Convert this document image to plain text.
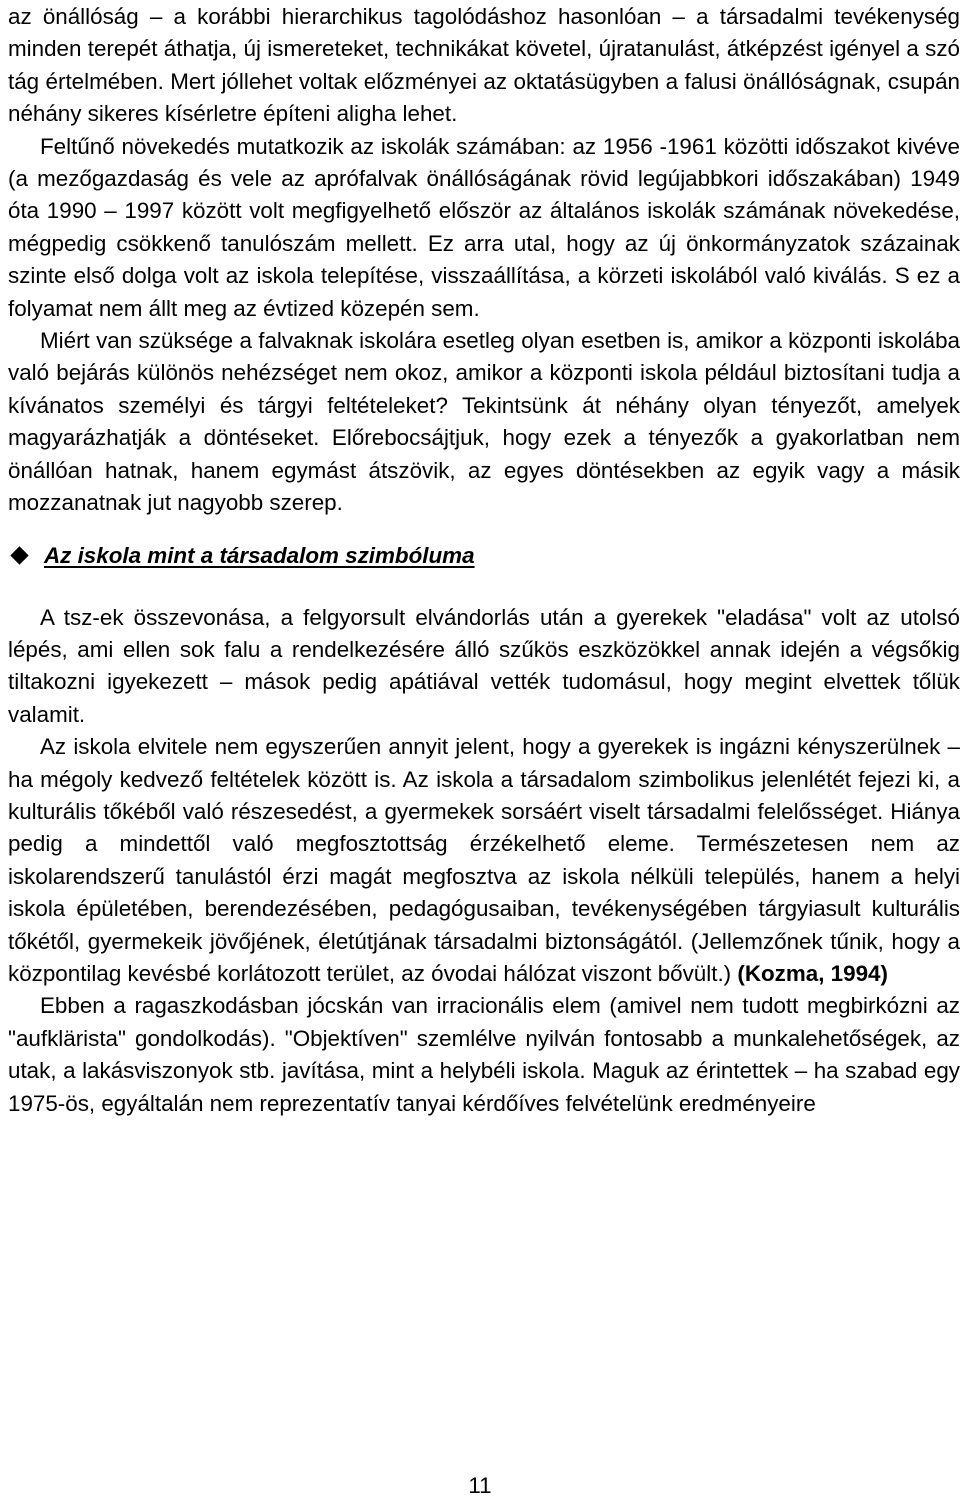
az önállóság – a korábbi hierarchikus tagolódáshoz hasonlóan – a társadalmi tevékenység minden terepét áthatja, új ismereteket, technikákat követel, újratanulást, átképzést igényel a szó tág értelmében. Mert jóllehet voltak előzményei az oktatásügyben a falusi önállóságnak, csupán néhány sikeres kísérletre építeni aligha lehet.

Feltűnő növekedés mutatkozik az iskolák számában: az 1956 -1961 közötti időszakot kivéve (a mezőgazdaság és vele az aprófalvak önállóságának rövid legújabbkori időszakában) 1949 óta 1990 – 1997 között volt megfigyelhető először az általános iskolák számának növekedése, mégpedig csökkenő tanulószám mellett. Ez arra utal, hogy az új önkormányzatok százainak szinte első dolga volt az iskola telepítése, visszaállítása, a körzeti iskolából való kiválás. S ez a folyamat nem állt meg az évtized közepén sem.

Miért van szüksége a falvaknak iskolára esetleg olyan esetben is, amikor a központi iskolába való bejárás különös nehézséget nem okoz, amikor a központi iskola például biztosítani tudja a kívánatos személyi és tárgyi feltételeket? Tekintsünk át néhány olyan tényezőt, amelyek magyarázhatják a döntéseket. Előrebocsájtjuk, hogy ezek a tényezők a gyakorlatban nem önállóan hatnak, hanem egymást átszövik, az egyes döntésekben az egyik vagy a másik mozzanatnak jut nagyobb szerep.

Az iskola mint a társadalom szimbóluma

A tsz-ek összevonása, a felgyorsult elvándorlás után a gyerekek "eladása" volt az utolsó lépés, ami ellen sok falu a rendelkezésére álló szűkös eszközökkel annak idején a végsőkig tiltakozni igyekezett – mások pedig apátiával vették tudomásul, hogy megint elvettek tőlük valamit.

Az iskola elvitele nem egyszerűen annyit jelent, hogy a gyerekek is ingázni kényszerülnek – ha mégoly kedvező feltételek között is. Az iskola a társadalom szimbolikus jelenlétét fejezi ki, a kulturális tőkéből való részesedést, a gyermekek sorsáért viselt társadalmi felelősséget. Hiánya pedig a mindettől való megfosztottság érzékelhető eleme. Természetesen nem az iskolarendszerű tanulástól érzi magát megfosztva az iskola nélküli település, hanem a helyi iskola épületében, berendezésében, pedagógusaiban, tevékenységében tárgyiasult kulturális tőkétől, gyermekeik jövőjének, életútjának társadalmi biztonságától. (Jellemzőnek tűnik, hogy a központilag kevésbé korlátozott terület, az óvodai hálózat viszont bővült.) (Kozma, 1994)

Ebben a ragaszkodásban jócskán van irracionális elem (amivel nem tudott megbirkózni az "aufklärista" gondolkodás). "Objektíven" szemlélve nyilván fontosabb a munkalehetőségek, az utak, a lakásviszonyok stb. javítása, mint a helybéli iskola. Maguk az érintettek – ha szabad egy 1975-ös, egyáltalán nem reprezentatív tanyai kérdőíves felvételünk eredményeire

11
